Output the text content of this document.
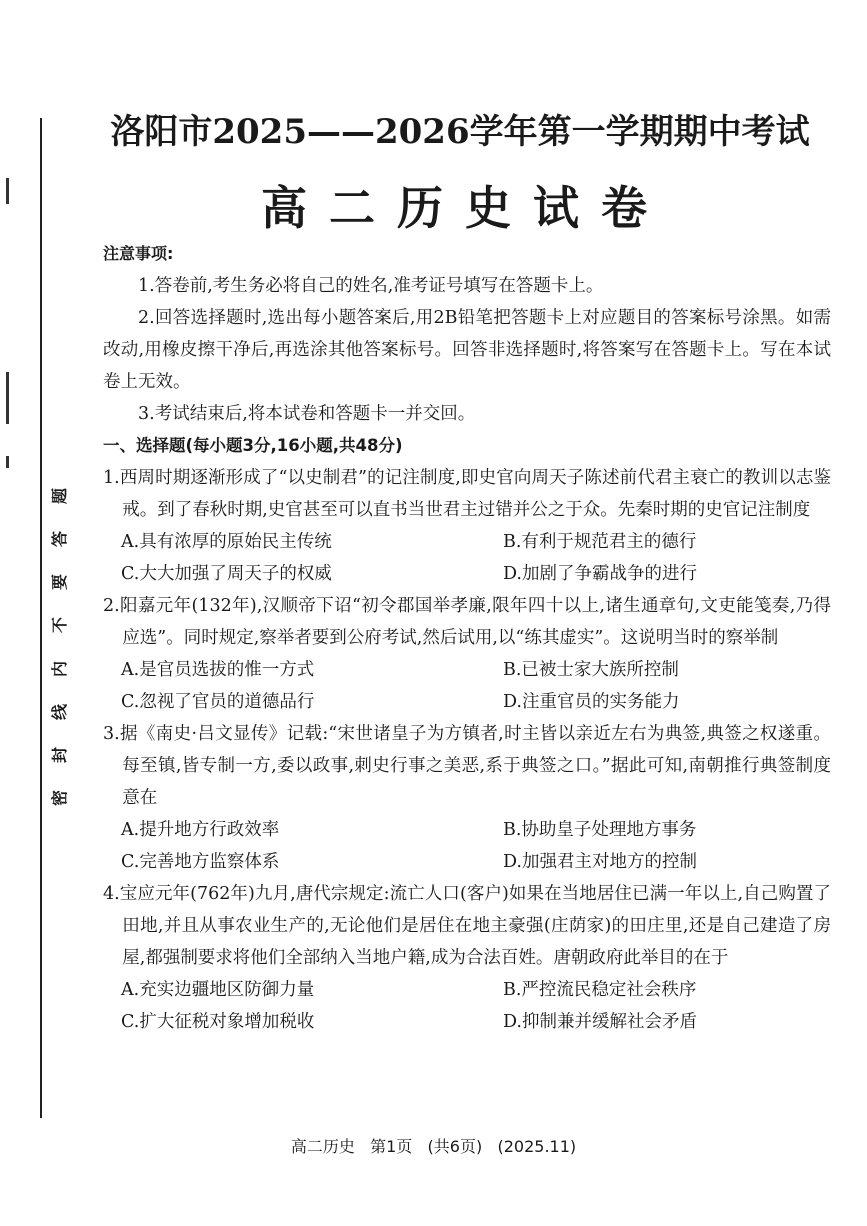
题
答
要
不
内
线
封
密
洛阳市2025——2026学年第一学期期中考试
高二历史试卷
注意事项:
1.答卷前,考生务必将自己的姓名,准考证号填写在答题卡上。
2.回答选择题时,选出每小题答案后,用2B铅笔把答题卡上对应题目的答案标号涂黑。如需改动,用橡皮擦干净后,再选涂其他答案标号。回答非选择题时,将答案写在答题卡上。写在本试卷上无效。
3.考试结束后,将本试卷和答题卡一并交回。
一、选择题(每小题3分,16小题,共48分)
1.西周时期逐渐形成了“以史制君”的记注制度,即史官向周天子陈述前代君主衰亡的教训以志鉴戒。到了春秋时期,史官甚至可以直书当世君主过错并公之于众。先秦时期的史官记注制度
A.具有浓厚的原始民主传统	B.有利于规范君主的德行
C.大大加强了周天子的权威	D.加剧了争霸战争的进行
2.阳嘉元年(132年),汉顺帝下诏“初令郡国举孝廉,限年四十以上,诸生通章句,文吏能笺奏,乃得应选”。同时规定,察举者要到公府考试,然后试用,以“练其虚实”。这说明当时的察举制
A.是官员选拔的惟一方式	B.已被士家大族所控制
C.忽视了官员的道德品行	D.注重官员的实务能力
3.据《南史·吕文显传》记载:“宋世诸皇子为方镇者,时主皆以亲近左右为典签,典签之权遂重。每至镇,皆专制一方,委以政事,刺史行事之美恶,系于典签之口。”据此可知,南朝推行典签制度意在
A.提升地方行政效率	B.协助皇子处理地方事务
C.完善地方监察体系	D.加强君主对地方的控制
4.宝应元年(762年)九月,唐代宗规定:流亡人口(客户)如果在当地居住已满一年以上,自己购置了田地,并且从事农业生产的,无论他们是居住在地主豪强(庄荫家)的田庄里,还是自己建造了房屋,都强制要求将他们全部纳入当地户籍,成为合法百姓。唐朝政府此举目的在于
A.充实边疆地区防御力量	B.严控流民稳定社会秩序
C.扩大征税对象增加税收	D.抑制兼并缓解社会矛盾
高二历史   第1页   (共6页)   (2025.11)
